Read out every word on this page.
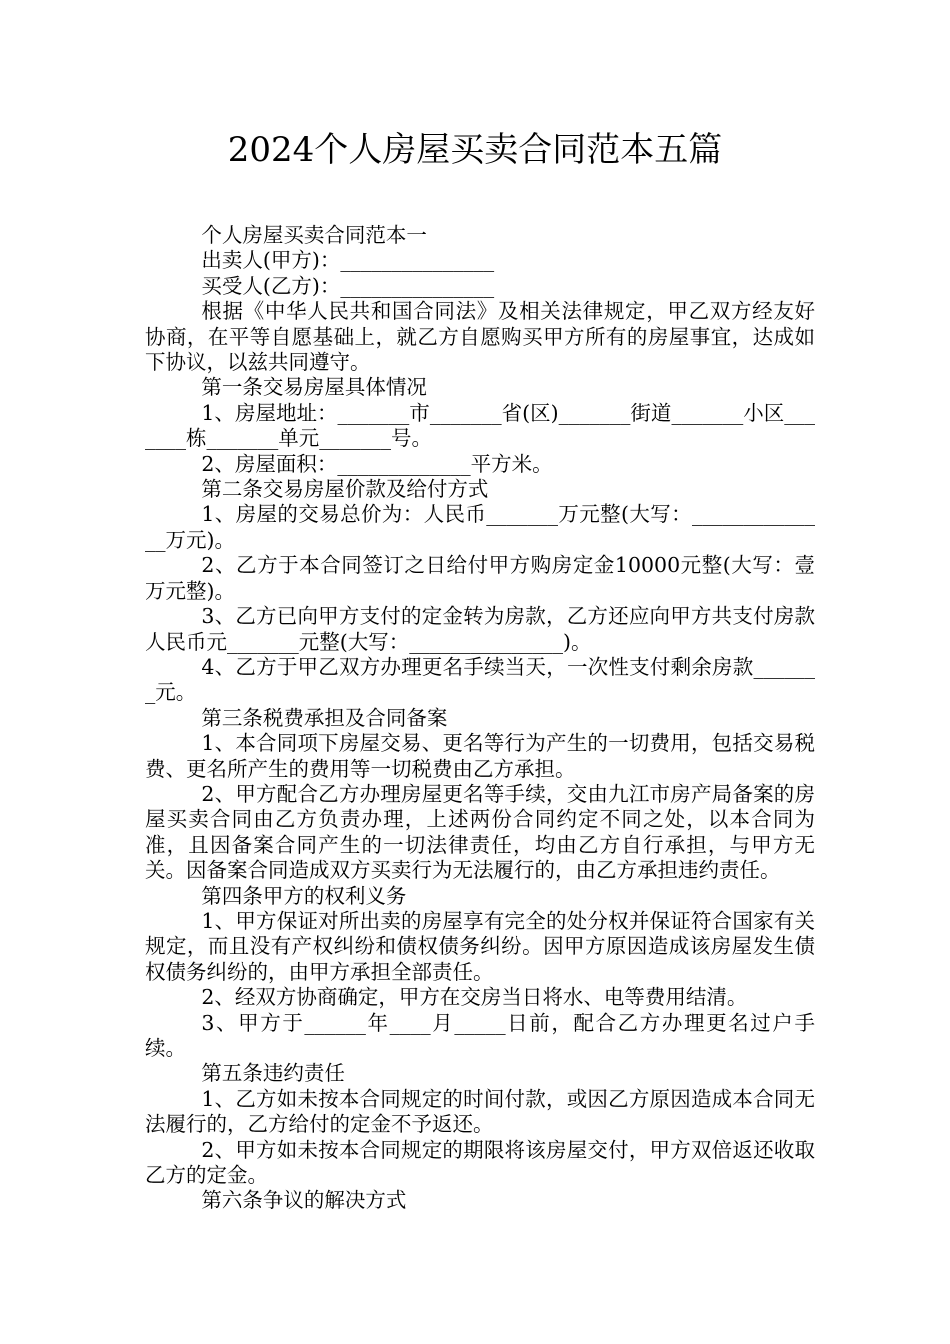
2024个人房屋买卖合同范本五篇

个人房屋买卖合同范本一

出卖人(甲方)：_______________

买受人(乙方)：_______________

根据《中华人民共和国合同法》及相关法律规定，甲乙双方经友好协商，在平等自愿基础上，就乙方自愿购买甲方所有的房屋事宜，达成如下协议，以兹共同遵守。

第一条交易房屋具体情况

1、房屋地址：_______市_______省(区)_______街道_______小区_______栋_______单元_______号。

2、房屋面积：_____________平方米。

第二条交易房屋价款及给付方式

1、房屋的交易总价为：人民币_______万元整(大写：______________万元)。

2、乙方于本合同签订之日给付甲方购房定金10000元整(大写：壹万元整)。

3、乙方已向甲方支付的定金转为房款，乙方还应向甲方共支付房款人民币元_______元整(大写：_______________)。

4、乙方于甲乙双方办理更名手续当天，一次性支付剩余房款_______元。

第三条税费承担及合同备案

1、本合同项下房屋交易、更名等行为产生的一切费用，包括交易税费、更名所产生的费用等一切税费由乙方承担。

2、甲方配合乙方办理房屋更名等手续，交由九江市房产局备案的房屋买卖合同由乙方负责办理，上述两份合同约定不同之处，以本合同为准，且因备案合同产生的一切法律责任，均由乙方自行承担，与甲方无关。因备案合同造成双方买卖行为无法履行的，由乙方承担违约责任。

第四条甲方的权利义务

1、甲方保证对所出卖的房屋享有完全的处分权并保证符合国家有关规定，而且没有产权纠纷和债权债务纠纷。因甲方原因造成该房屋发生债权债务纠纷的，由甲方承担全部责任。

2、经双方协商确定，甲方在交房当日将水、电等费用结清。

3、甲方于______年____月_____日前，配合乙方办理更名过户手续。

第五条违约责任

1、乙方如未按本合同规定的时间付款，或因乙方原因造成本合同无法履行的，乙方给付的定金不予返还。

2、甲方如未按本合同规定的期限将该房屋交付，甲方双倍返还收取乙方的定金。

第六条争议的解决方式
